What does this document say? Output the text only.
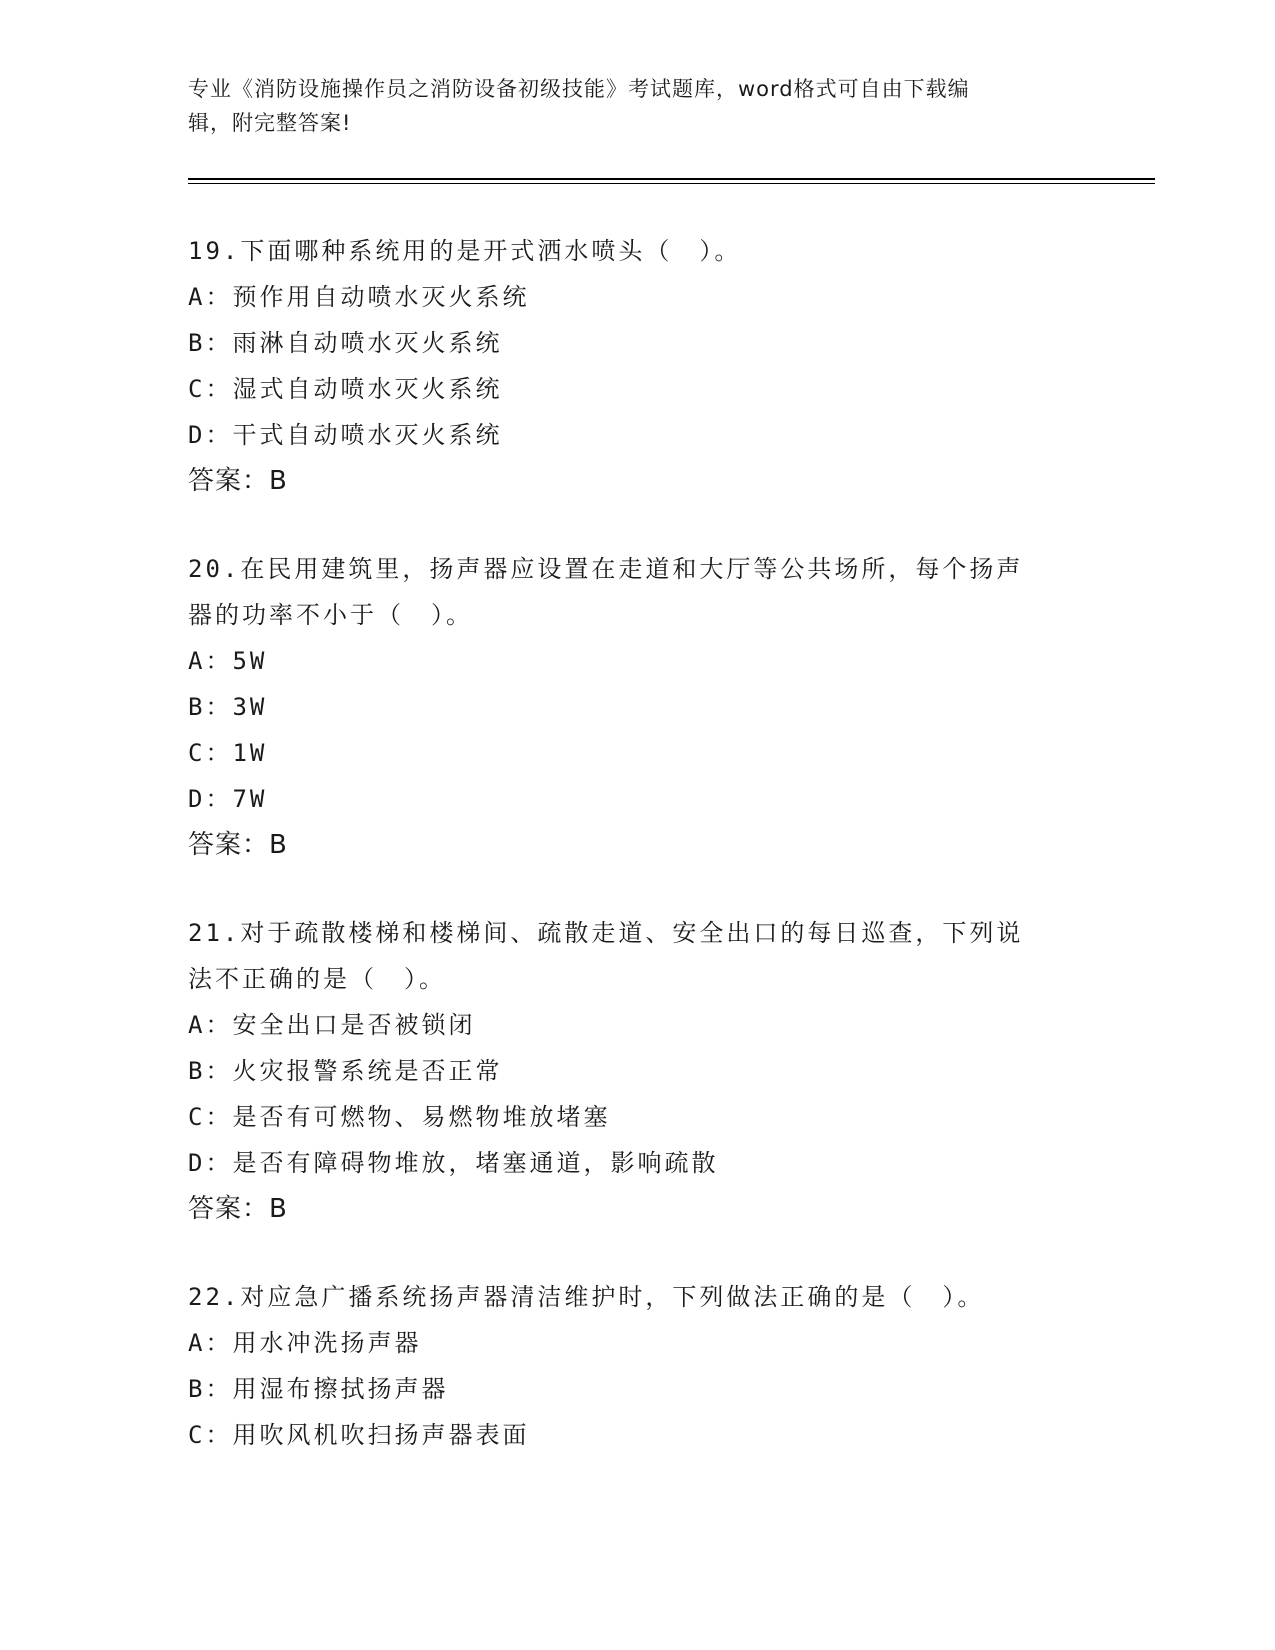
专业《消防设施操作员之消防设备初级技能》考试题库，word格式可自由下载编
辑，附完整答案!

19.下面哪种系统用的是开式洒水喷头（　）。

A：预作用自动喷水灭火系统

B：雨淋自动喷水灭火系统

C：湿式自动喷水灭火系统

D：干式自动喷水灭火系统

答案：B

20.在民用建筑里，扬声器应设置在走道和大厅等公共场所，每个扬声

器的功率不小于（　）。

A：5W

B：3W

C：1W

D：7W

答案：B

21.对于疏散楼梯和楼梯间、疏散走道、安全出口的每日巡查，下列说

法不正确的是（　）。

A：安全出口是否被锁闭

B：火灾报警系统是否正常

C：是否有可燃物、易燃物堆放堵塞

D：是否有障碍物堆放，堵塞通道，影响疏散

答案：B

22.对应急广播系统扬声器清洁维护时，下列做法正确的是（　）。

A：用水冲洗扬声器

B：用湿布擦拭扬声器

C：用吹风机吹扫扬声器表面
